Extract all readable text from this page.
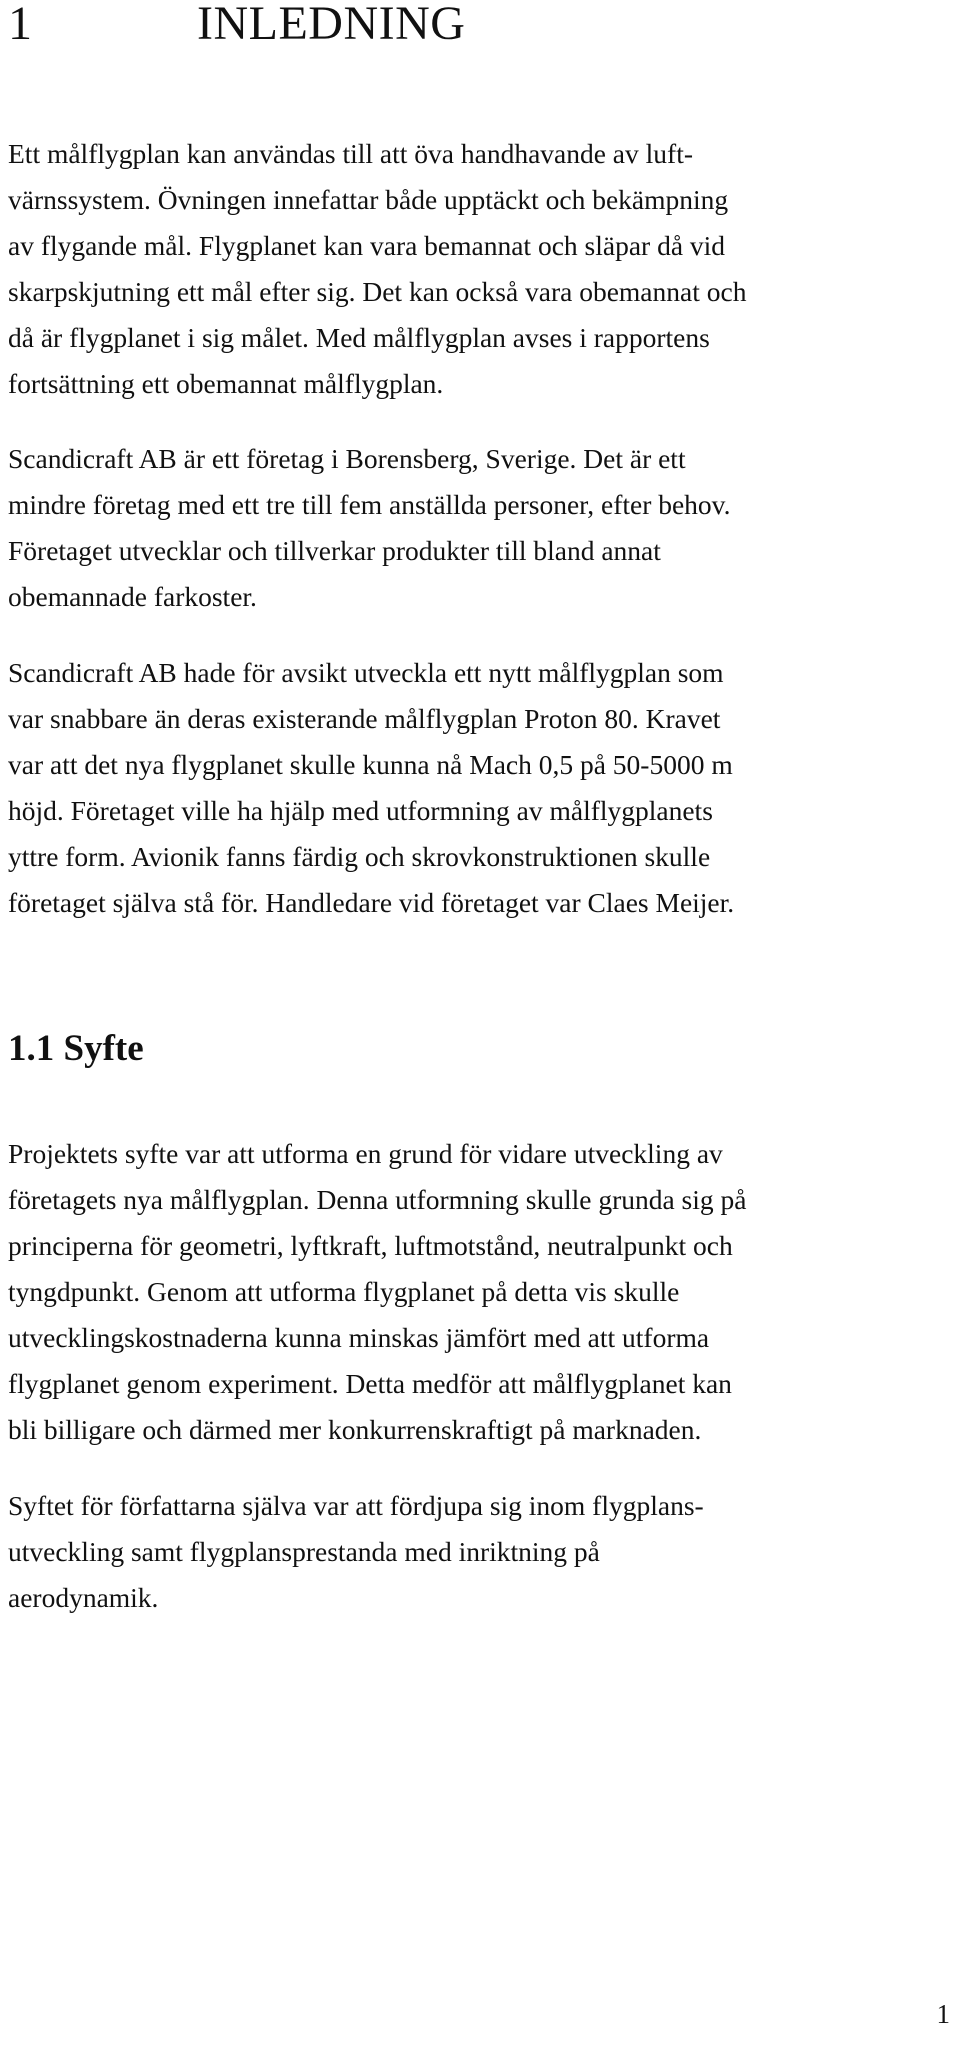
1	INLEDNING

Ett målflygplan kan användas till att öva handhavande av luft-
värnssystem. Övningen innefattar både upptäckt och bekämpning
av flygande mål. Flygplanet kan vara bemannat och släpar då vid
skarpskjutning ett mål efter sig. Det kan också vara obemannat och
då är flygplanet i sig målet. Med målflygplan avses i rapportens
fortsättning ett obemannat målflygplan.

Scandicraft AB är ett företag i Borensberg, Sverige. Det är ett
mindre företag med ett tre till fem anställda personer, efter behov.
Företaget utvecklar och tillverkar produkter till bland annat
obemannade farkoster.

Scandicraft AB hade för avsikt utveckla ett nytt målflygplan som
var snabbare än deras existerande målflygplan Proton 80. Kravet
var att det nya flygplanet skulle kunna nå Mach 0,5 på 50-5000 m
höjd. Företaget ville ha hjälp med utformning av målflygplanets
yttre form. Avionik fanns färdig och skrovkonstruktionen skulle
företaget själva stå för. Handledare vid företaget var Claes Meijer.

1.1 Syfte

Projektets syfte var att utforma en grund för vidare utveckling av
företagets nya målflygplan. Denna utformning skulle grunda sig på
principerna för geometri, lyftkraft, luftmotstånd, neutralpunkt och
tyngdpunkt. Genom att utforma flygplanet på detta vis skulle
utvecklingskostnaderna kunna minskas jämfört med att utforma
flygplanet genom experiment. Detta medför att målflygplanet kan
bli billigare och därmed mer konkurrenskraftigt på marknaden.

Syftet för författarna själva var att fördjupa sig inom flygplans-
utveckling samt flygplansprestanda med inriktning på
aerodynamik.

1
